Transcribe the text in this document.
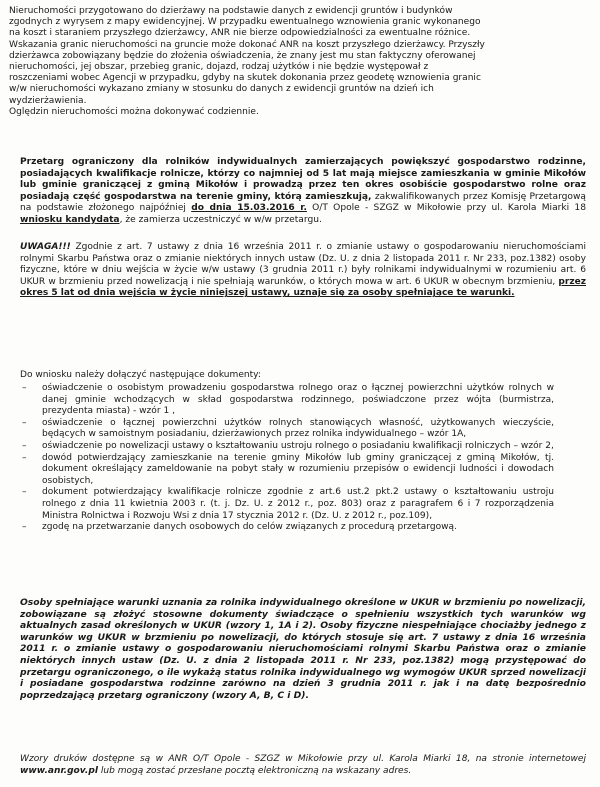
Nieruchomości przygotowano do dzierżawy na podstawie danych z ewidencji gruntów i budynków
zgodnych z wyrysem z mapy ewidencyjnej. W przypadku ewentualnego wznowienia granic wykonanego
na koszt i staraniem przyszłego dzierżawcy, ANR nie bierze odpowiedzialności za ewentualne różnice.
Wskazania granic nieruchomości na gruncie może dokonać ANR na koszt przyszłego dzierżawcy. Przyszły
dzierżawca zobowiązany będzie do złożenia oświadczenia, że znany jest mu stan faktyczny oferowanej
nieruchomości, jej obszar, przebieg granic, dojazd, rodzaj użytków i nie będzie występował z
roszczeniami wobec Agencji w przypadku, gdyby na skutek dokonania przez geodetę wznowienia granic
w/w nieruchomości wykazano zmiany w stosunku do danych z ewidencji gruntów na dzień ich
wydzierżawienia.
Oględzin nieruchomości można dokonywać codziennie.

Przetarg ograniczony dla rolników indywidualnych zamierzających powiększyć gospodarstwo rodzinne, posiadających kwalifikacje rolnicze, którzy co najmniej od 5 lat mają miejsce zamieszkania w gminie Mikołów lub gminie graniczącej z gminą Mikołów i prowadzą przez ten okres osobiście gospodarstwo rolne oraz posiadają część gospodarstwa na terenie gminy, którą zamieszkują, zakwalifikowanych przez Komisję Przetargową na podstawie złożonego najpóźniej do dnia 15.03.2016 r. O/T Opole - SZGZ w Mikołowie przy ul. Karola Miarki 18 wniosku kandydata, że zamierza uczestniczyć w w/w przetargu.

UWAGA!!! Zgodnie z art. 7 ustawy z dnia 16 września 2011 r. o zmianie ustawy o gospodarowaniu nieruchomościami rolnymi Skarbu Państwa oraz o zmianie niektórych innych ustaw (Dz. U. z dnia 2 listopada 2011 r. Nr 233, poz.1382) osoby fizyczne, które w dniu wejścia w życie w/w ustawy (3 grudnia 2011 r.) były rolnikami indywidualnymi w rozumieniu art. 6 UKUR w brzmieniu przed nowelizacją i nie spełniają warunków, o których mowa w art. 6 UKUR w obecnym brzmieniu, przez okres 5 lat od dnia wejścia w życie niniejszej ustawy, uznaje się za osoby spełniające te warunki.

Do wniosku należy dołączyć następujące dokumenty:

– oświadczenie o osobistym prowadzeniu gospodarstwa rolnego oraz o łącznej powierzchni użytków rolnych w danej gminie wchodzących w skład gospodarstwa rodzinnego, poświadczone przez wójta (burmistrza, prezydenta miasta) - wzór 1 ,
– oświadczenie o łącznej powierzchni użytków rolnych stanowiących własność, użytkowanych wieczyście, będących w samoistnym posiadaniu, dzierżawionych przez rolnika indywidualnego – wzór 1A,
– oświadczenie po nowelizacji ustawy o kształtowaniu ustroju rolnego o posiadaniu kwalifikacji rolniczych – wzór 2,
– dowód potwierdzający zamieszkanie na terenie gminy Mikołów lub gminy graniczącej z gminą Mikołów, tj. dokument określający zameldowanie na pobyt stały w rozumieniu przepisów o ewidencji ludności i dowodach osobistych,
– dokument potwierdzający kwalifikacje rolnicze zgodnie z art.6 ust.2 pkt.2 ustawy o kształtowaniu ustroju rolnego z dnia 11 kwietnia 2003 r. (t. j. Dz. U. z 2012 r., poz. 803) oraz z paragrafem 6 i 7 rozporządzenia Ministra Rolnictwa i Rozwoju Wsi z dnia 17 stycznia 2012 r. (Dz. U. z 2012 r., poz.109),
– zgodę na przetwarzanie danych osobowych do celów związanych z procedurą przetargową.

Osoby spełniające warunki uznania za rolnika indywidualnego określone w UKUR w brzmieniu po nowelizacji, zobowiązane są złożyć stosowne dokumenty świadczące o spełnieniu wszystkich tych warunków wg aktualnych zasad określonych w UKUR (wzory 1, 1A i 2). Osoby fizyczne niespełniające chociażby jednego z warunków wg UKUR w brzmieniu po nowelizacji, do których stosuje się art. 7 ustawy z dnia 16 września 2011 r. o zmianie ustawy o gospodarowaniu nieruchomościami rolnymi Skarbu Państwa oraz o zmianie niektórych innych ustaw (Dz. U. z dnia 2 listopada 2011 r. Nr 233, poz.1382) mogą przystępować do przetargu ograniczonego, o ile wykażą status rolnika indywidualnego wg wymogów UKUR sprzed nowelizacji i posiadane gospodarstwa rodzinne zarówno na dzień 3 grudnia 2011 r. jak i na datę bezpośrednio poprzedzającą przetarg ograniczony (wzory A, B, C i D).

Wzory druków dostępne są w ANR O/T Opole - SZGZ w Mikołowie przy ul. Karola Miarki 18, na stronie internetowej www.anr.gov.pl lub mogą zostać przesłane pocztą elektroniczną na wskazany adres.
